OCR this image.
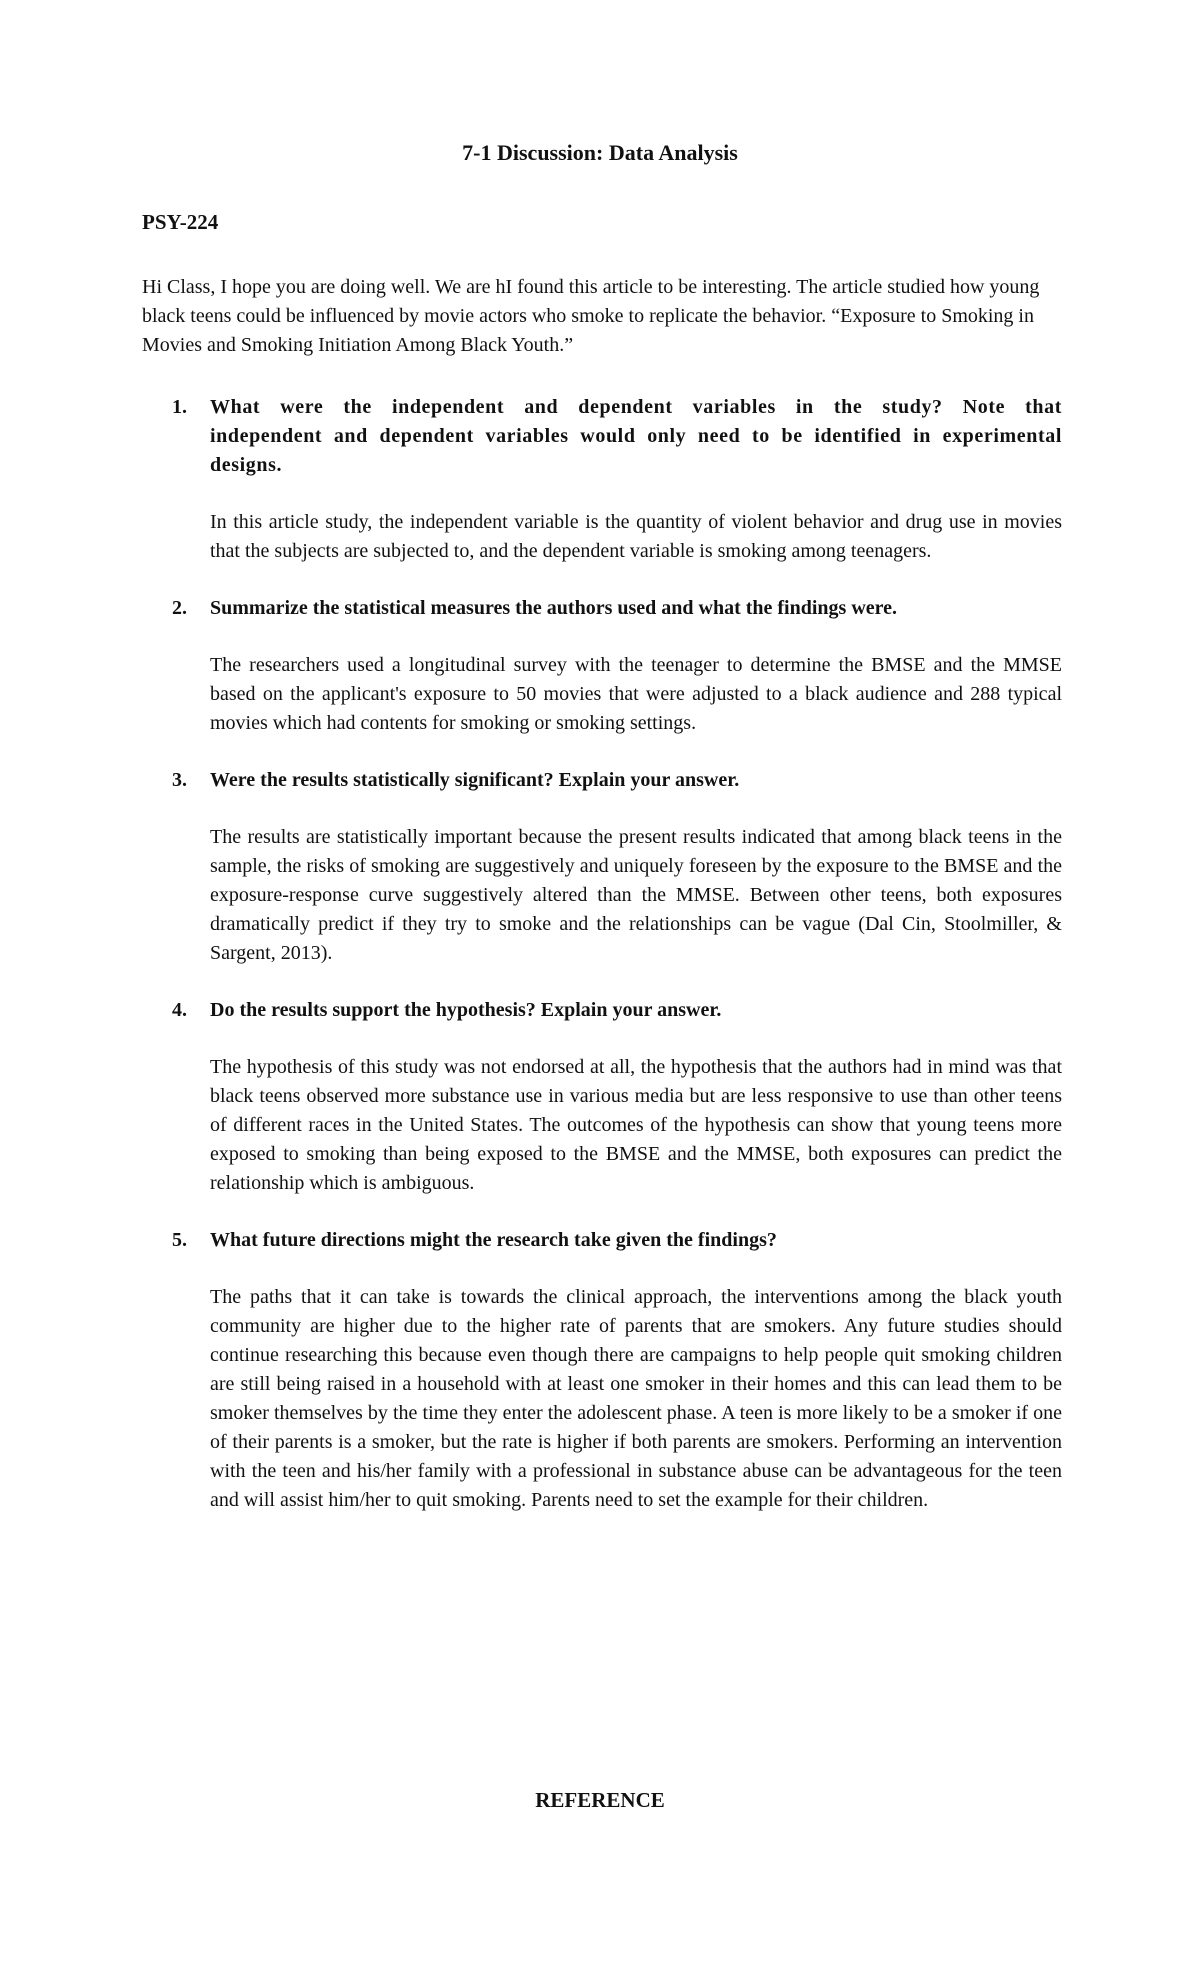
7-1 Discussion: Data Analysis

PSY-224

Hi Class, I hope you are doing well. We are hI found this article to be interesting. The article studied how young black teens could be influenced by movie actors who smoke to replicate the behavior. “Exposure to Smoking in Movies and Smoking Initiation Among Black Youth.”

1. What were the independent and dependent variables in the study? Note that independent and dependent variables would only need to be identified in experimental designs.

In this article study, the independent variable is the quantity of violent behavior and drug use in movies that the subjects are subjected to, and the dependent variable is smoking among teenagers.

2. Summarize the statistical measures the authors used and what the findings were.

The researchers used a longitudinal survey with the teenager to determine the BMSE and the MMSE based on the applicant's exposure to 50 movies that were adjusted to a black audience and 288 typical movies which had contents for smoking or smoking settings.

3. Were the results statistically significant? Explain your answer.

The results are statistically important because the present results indicated that among black teens in the sample, the risks of smoking are suggestively and uniquely foreseen by the exposure to the BMSE and the exposure-response curve suggestively altered than the MMSE. Between other teens, both exposures dramatically predict if they try to smoke and the relationships can be vague (Dal Cin, Stoolmiller, & Sargent, 2013).

4. Do the results support the hypothesis? Explain your answer.

The hypothesis of this study was not endorsed at all, the hypothesis that the authors had in mind was that black teens observed more substance use in various media but are less responsive to use than other teens of different races in the United States. The outcomes of the hypothesis can show that young teens more exposed to smoking than being exposed to the BMSE and the MMSE, both exposures can predict the relationship which is ambiguous.

5. What future directions might the research take given the findings?

The paths that it can take is towards the clinical approach, the interventions among the black youth community are higher due to the higher rate of parents that are smokers. Any future studies should continue researching this because even though there are campaigns to help people quit smoking children are still being raised in a household with at least one smoker in their homes and this can lead them to be smoker themselves by the time they enter the adolescent phase. A teen is more likely to be a smoker if one of their parents is a smoker, but the rate is higher if both parents are smokers. Performing an intervention with the teen and his/her family with a professional in substance abuse can be advantageous for the teen and will assist him/her to quit smoking. Parents need to set the example for their children.

REFERENCE
